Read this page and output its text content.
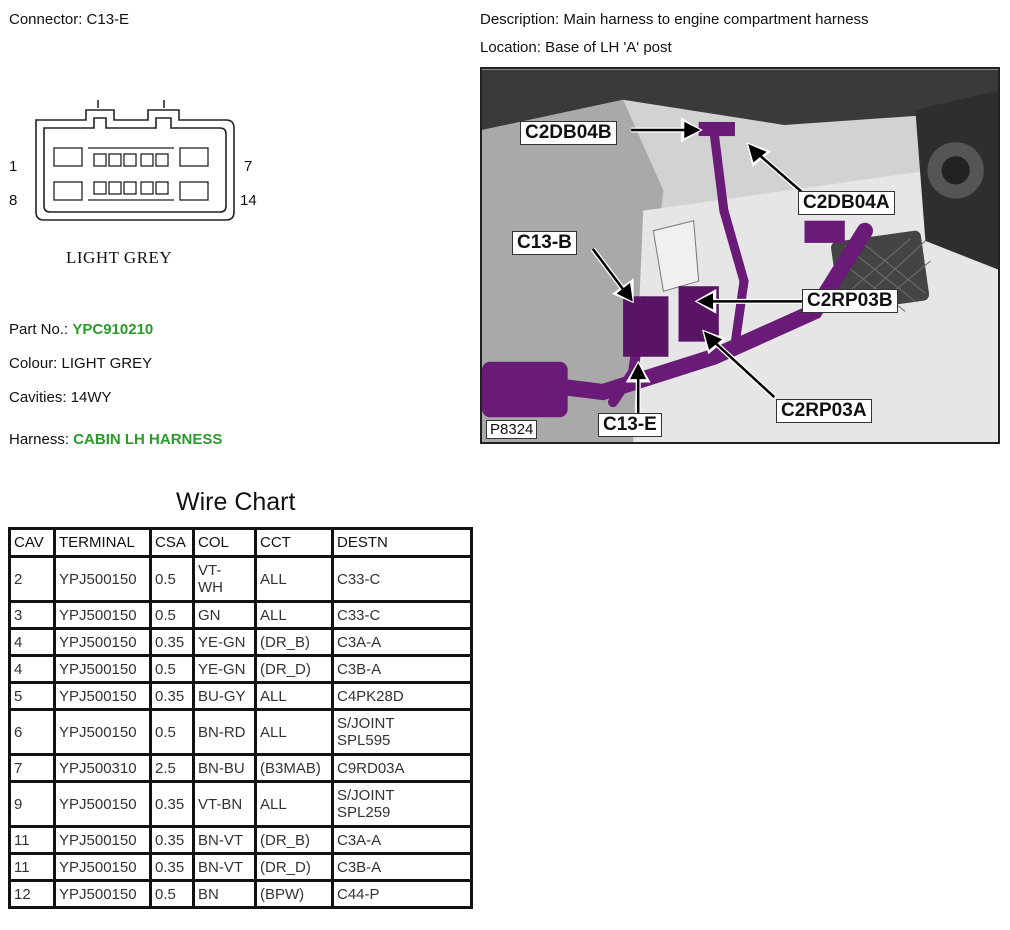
Connector: C13-E	Description: Main harness to engine compartment harness
Location: Base of LH 'A' post
1
8
7
14
LIGHT GREY
Part No.: YPC910210
Colour: LIGHT GREY
Cavities: 14WY
Harness: CABIN LH HARNESS
C2DB04B
C2DB04A
C13-B
C2RP03B
C2RP03A
C13-E
P8324
Wire Chart
CAV	TERMINAL	CSA	COL	CCT	DESTN
2	YPJ500150	0.5	VT-
WH	ALL	C33-C
3	YPJ500150	0.5	GN	ALL	C33-C
4	YPJ500150	0.35	YE-GN	(DR_B)	C3A-A
4	YPJ500150	0.5	YE-GN	(DR_D)	C3B-A
5	YPJ500150	0.35	BU-GY	ALL	C4PK28D
6	YPJ500150	0.5	BN-RD	ALL	S/JOINT
SPL595
7	YPJ500310	2.5	BN-BU	(B3MAB)	C9RD03A
9	YPJ500150	0.35	VT-BN	ALL	S/JOINT
SPL259
11	YPJ500150	0.35	BN-VT	(DR_B)	C3A-A
11	YPJ500150	0.35	BN-VT	(DR_D)	C3B-A
12	YPJ500150	0.5	BN	(BPW)	C44-P
